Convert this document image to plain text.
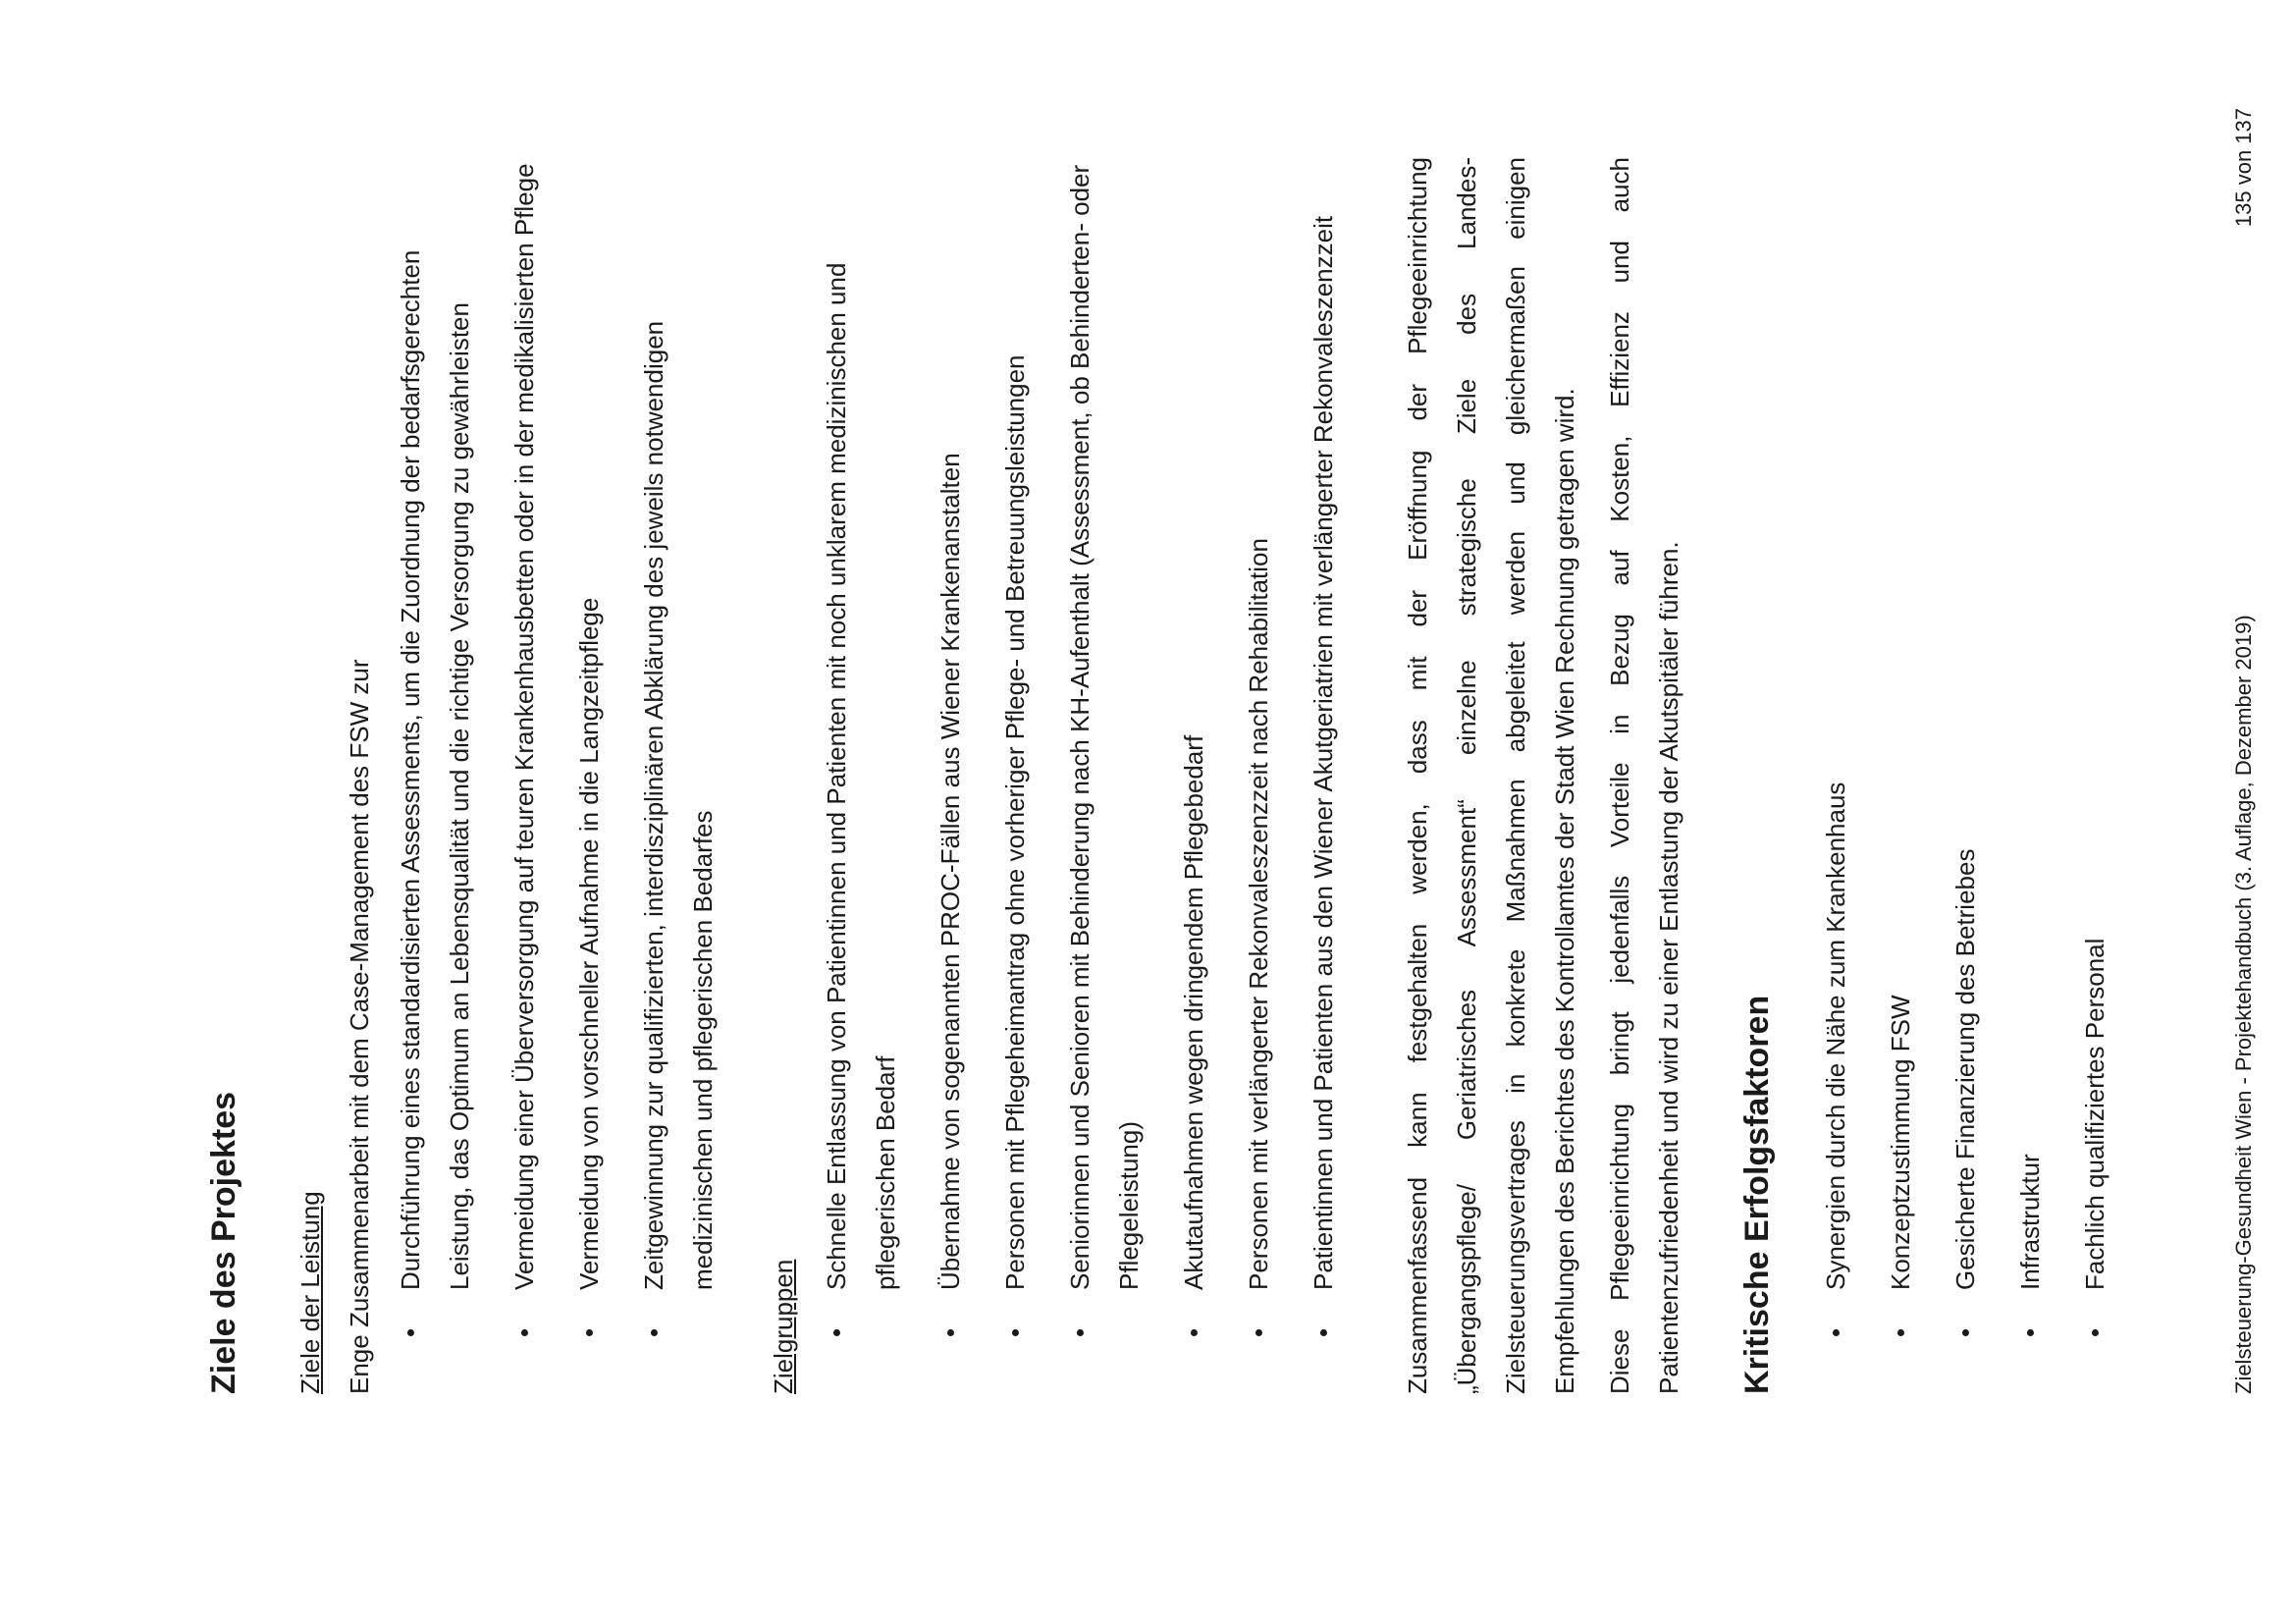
Ziele des Projektes	Ziele der Leistung Enge Zusammenarbeit mit dem Case-Management des FSW zur • Durchführung eines standardisierten Assessments, um die Zuordnung der bedarfsgerechten Leistung, das Optimum an Lebensqualität und die richtige Versorgung zu gewährleisten	• Vermeidung einer Überversorgung auf teuren Krankenhausbetten oder in der medikalisierten Pflege	• Vermeidung von vorschneller Aufnahme in die Langzeitpflege	• Zeitgewinnung zur qualifizierten, interdisziplinären Abklärung des jeweils notwendigen medizinischen und pflegerischen Bedarfes

Zielgruppen

• Schnelle Entlassung von Patientinnen und Patienten mit noch unklarem medizinischen und pflegerischen Bedarf	• Übernahme von sogenannten PROC-Fällen aus Wiener Krankenanstalten	• Personen mit Pflegeheimantrag ohne vorheriger Pflege- und Betreuungsleistungen	• Seniorinnen und Senioren mit Behinderung nach KH-Aufenthalt (Assessment, ob Behinderten- oder Pflegeleistung)	• Akutaufnahmen wegen dringendem Pflegebedarf	• Personen mit verlängerter Rekonvaleszenzzeit nach Rehabilitation	• Patientinnen und Patienten aus den Wiener Akutgeriatrien mit verlängerter Rekonvaleszenzzeit	Zusammenfassend kann festgehalten werden, dass mit der Eröffnung der Pflegeeinrichtung „Übergangspflege/ Geriatrisches Assessment“ einzelne strategische Ziele des Landes-Zielsteuerungsvertrages in konkrete Maßnahmen abgeleitet werden und gleichermaßen einigen Empfehlungen des Berichtes des Kontrollamtes der Stadt Wien Rechnung getragen wird.	Diese Pflegeeinrichtung bringt jedenfalls Vorteile in Bezug auf Kosten, Effizienz und auch Patientenzufriedenheit und wird zu einer Entlastung der Akutspitäler führen. Kritische Erfolgsfaktoren	• Synergien durch die Nähe zum Krankenhaus	• Konzeptzustimmung FSW	• Gesicherte Finanzierung des Betriebes	• Infrastruktur	• Fachlich qualifiziertes Personal	Zielsteuerung-Gesundheit Wien - Projektehandbuch (3. Auflage, Dezember 2019)
135 von 137
